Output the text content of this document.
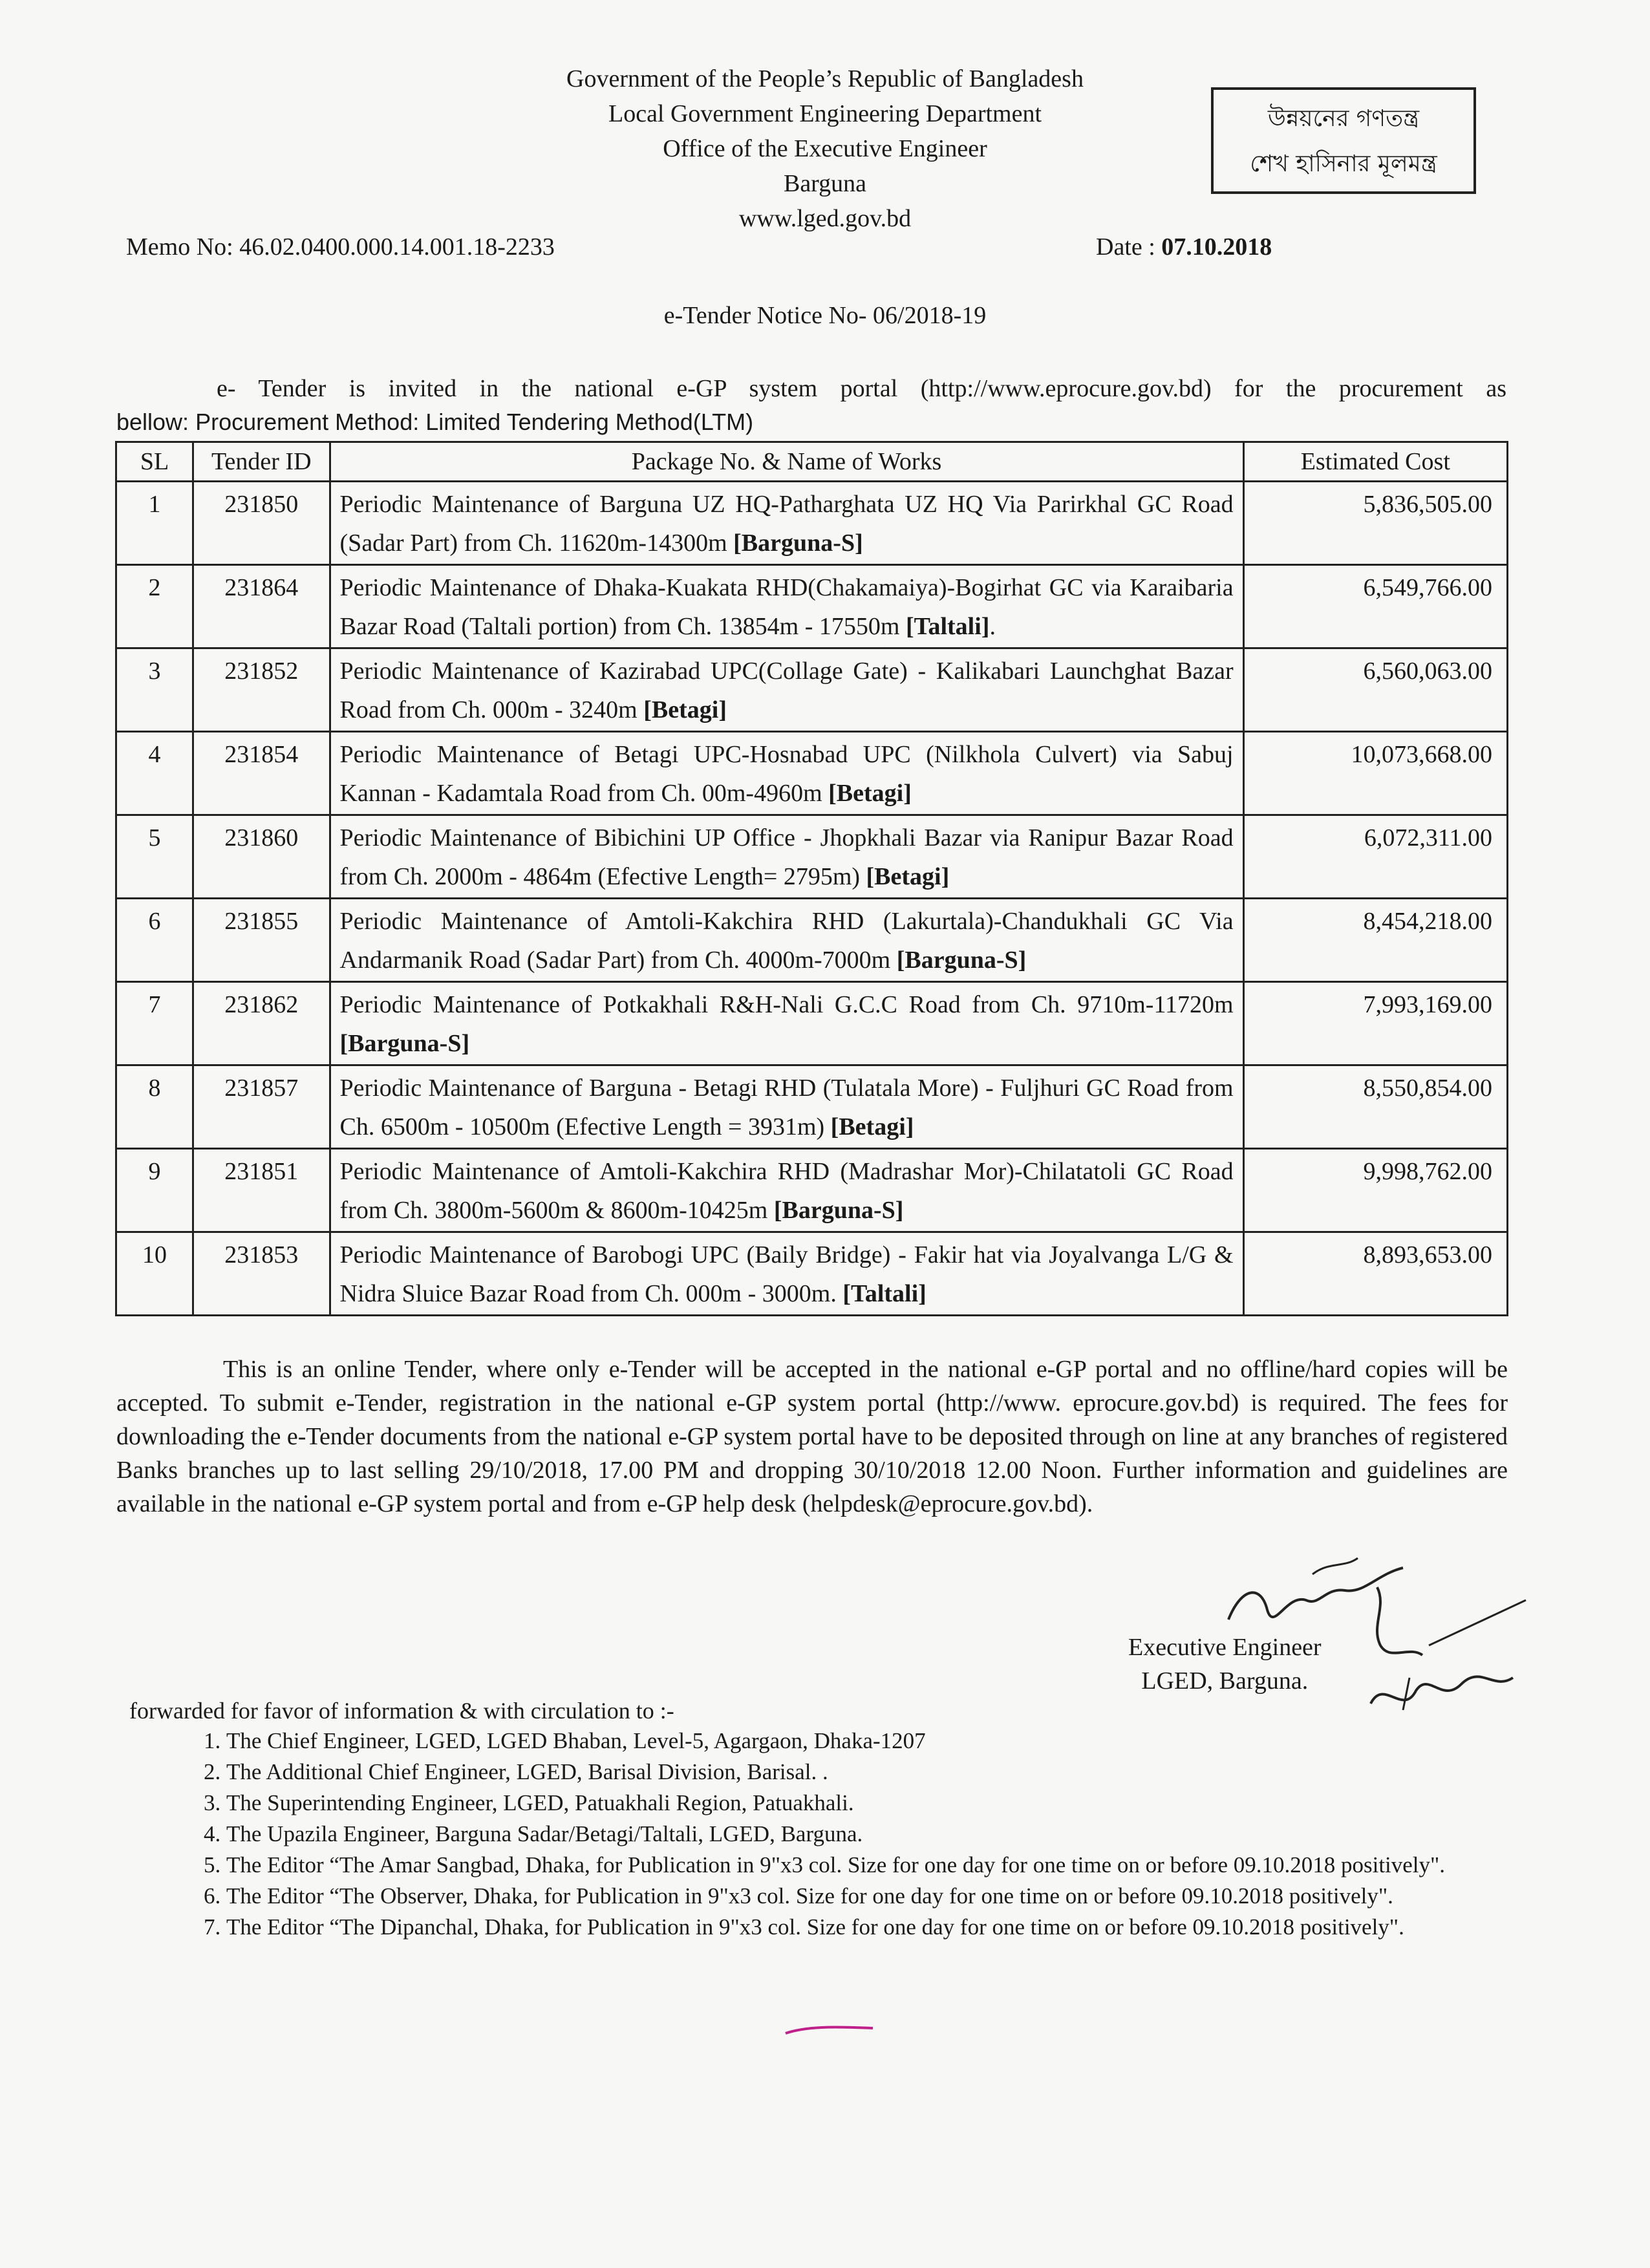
Government of the People’s Republic of Bangladesh
Local Government Engineering Department
Office of the Executive Engineer
Barguna
www.lged.gov.bd
উন্নয়নের গণতন্ত্র
শেখ হাসিনার মূলমন্ত্র
Memo No: 46.02.0400.000.14.001.18-2233	Date : 07.10.2018
e-Tender Notice No- 06/2018-19
e- Tender is invited in the national e-GP system portal (http://www.eprocure.gov.bd) for the procurement as
bellow: Procurement Method: Limited Tendering Method(LTM)
SL	Tender ID	Package No. & Name of Works	Estimated Cost
1	231850	Periodic Maintenance of Barguna UZ HQ-Patharghata UZ HQ Via Parirkhal GC Road (Sadar Part) from Ch. 11620m-14300m [Barguna-S]	5,836,505.00
2	231864	Periodic Maintenance of Dhaka-Kuakata RHD(Chakamaiya)-Bogirhat GC via Karaibaria Bazar Road (Taltali portion) from Ch. 13854m - 17550m [Taltali].	6,549,766.00
3	231852	Periodic Maintenance of Kazirabad UPC(Collage Gate) - Kalikabari Launchghat Bazar Road from Ch. 000m - 3240m [Betagi]	6,560,063.00
4	231854	Periodic Maintenance of Betagi UPC-Hosnabad UPC (Nilkhola Culvert) via Sabuj Kannan - Kadamtala Road from Ch. 00m-4960m [Betagi]	10,073,668.00
5	231860	Periodic Maintenance of Bibichini UP Office - Jhopkhali Bazar via Ranipur Bazar Road from Ch. 2000m - 4864m (Efective Length= 2795m) [Betagi]	6,072,311.00
6	231855	Periodic Maintenance of Amtoli-Kakchira RHD (Lakurtala)-Chandukhali GC Via Andarmanik Road (Sadar Part) from Ch. 4000m-7000m [Barguna-S]	8,454,218.00
7	231862	Periodic Maintenance of Potkakhali R&H-Nali G.C.C Road from Ch. 9710m-11720m [Barguna-S]	7,993,169.00
8	231857	Periodic Maintenance of Barguna - Betagi RHD (Tulatala More) - Fuljhuri GC Road from Ch. 6500m - 10500m (Efective Length = 3931m) [Betagi]	8,550,854.00
9	231851	Periodic Maintenance of Amtoli-Kakchira RHD (Madrashar Mor)-Chilatatoli GC Road from Ch. 3800m-5600m & 8600m-10425m [Barguna-S]	9,998,762.00
10	231853	Periodic Maintenance of Barobogi UPC (Baily Bridge) - Fakir hat via Joyalvanga L/G & Nidra Sluice Bazar Road from Ch. 000m - 3000m. [Taltali]	8,893,653.00
This is an online Tender, where only e-Tender will be accepted in the national e-GP portal and no offline/hard copies will be accepted. To submit e-Tender, registration in the national e-GP system portal (http://www. eprocure.gov.bd) is required. The fees for downloading the e-Tender documents from the national e-GP system portal have to be deposited through on line at any branches of registered Banks branches up to last selling 29/10/2018, 17.00 PM and dropping 30/10/2018 12.00 Noon. Further information and guidelines are available in the national e-GP system portal and from e-GP help desk (helpdesk@eprocure.gov.bd).
Executive Engineer
LGED, Barguna.
forwarded for favor of information & with circulation to :-
1. The Chief Engineer, LGED, LGED Bhaban, Level-5, Agargaon, Dhaka-1207
2. The Additional Chief Engineer, LGED, Barisal Division, Barisal. .
3. The Superintending Engineer, LGED, Patuakhali Region, Patuakhali.
4. The Upazila Engineer, Barguna Sadar/Betagi/Taltali, LGED, Barguna.
5. The Editor “The Amar Sangbad, Dhaka, for Publication in 9"x3 col. Size for one day for one time on or before 09.10.2018 positively".
6. The Editor “The Observer, Dhaka, for Publication in 9"x3 col. Size for one day for one time on or before 09.10.2018 positively".
7. The Editor “The Dipanchal, Dhaka, for Publication in 9"x3 col. Size for one day for one time on or before 09.10.2018 positively".
